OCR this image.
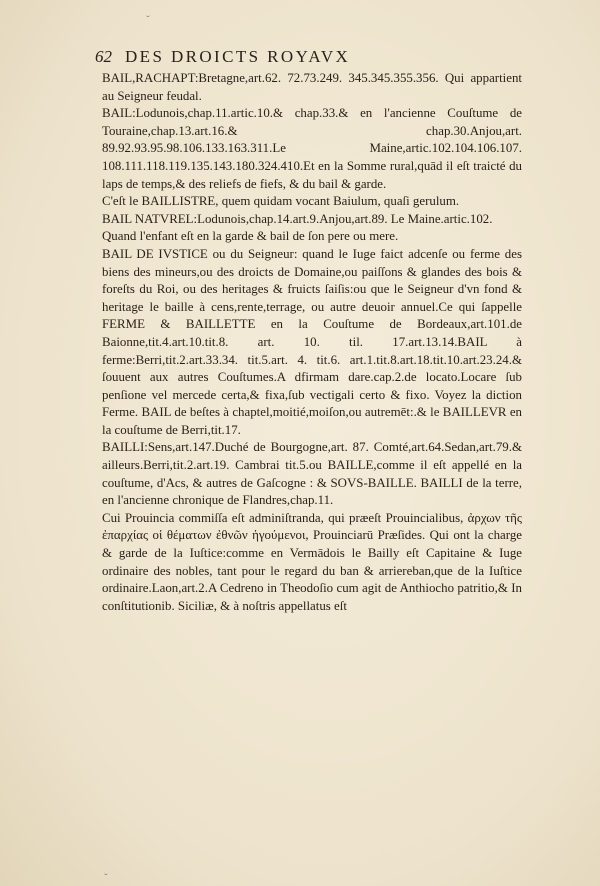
62 DES DROICTS ROYAVX

BAIL,RACHAPT:Bretagne,art.62. 72.73.249. 345.345.355.356. Qui appartient au Seigneur feudal.

BAIL:Lodunois,chap.11.artic.10.& chap.33.& en l'ancienne Couſtume de Touraine,chap.13.art.16.& chap.30.Anjou,art. 89.92.93.95.98.106.133.163.311.Le Maine,artic.102.104.106.107. 108.111.118.119.135.143.180.324.410.Et en la Somme rural,quād il eſt traicté du laps de temps,& des reliefs de fiefs, & du bail & garde.

C'eſt le BAILLISTRE, quem quidam vocant Baiulum, quaſi gerulum.

BAIL NATVREL:Lodunois,chap.14.art.9.Anjou,art.89. Le Maine.artic.102.

Quand l'enfant eſt en la garde & bail de ſon pere ou mere.

BAIL DE IVSTICE ou du Seigneur: quand le Iuge faict adcenſe ou ferme des biens des mineurs,ou des droicts de Domaine,ou paiſſons & glandes des bois & foreſts du Roi, ou des heritages & fruicts ſaiſis:ou que le Seigneur d'vn fond & heritage le baille à cens,rente,terrage, ou autre deuoir annuel.Ce qui ſappelle FERME & BAILLETTE en la Couſtume de Bordeaux,art.101.de Baionne,tit.4.art.10.tit.8. art. 10. til. 17.art.13.14.BAIL à ferme:Berri,tit.2.art.33.34. tit.5.art. 4. tit.6. art.1.tit.8.art.18.tit.10.art.23.24.& ſouuent aux autres Couſtumes.A dfirmam dare.cap.2.de locato.Locare ſub penſione vel mercede certa,& fixa,ſub vectigali certo & fixo. Voyez la diction Ferme. BAIL de beſtes à chaptel,moitié,moiſon,ou autremēt:.& le BAILLEVR en la couſtume de Berri,tit.17.

BAILLI:Sens,art.147.Duché de Bourgogne,art. 87. Comté,art.64.Sedan,art.79.& ailleurs.Berri,tit.2.art.19. Cambrai tit.5.ou BAILLE,comme il eſt appellé en la couſtume, d'Acs, & autres de Gaſcogne : & SOVS-BAILLE. BAILLI de la terre, en l'ancienne chronique de Flandres,chap.11.

Cui Prouincia commiſſa eſt adminiſtranda, qui præeſt Prouincialibus, ἀρχων τῆς ἐπαρχίας οἱ θέματων ἐθνῶν ἡγούμενοι, Prouinciarū Præſides. Qui ont la charge & garde de la Iuſtice:comme en Vermādois le Bailly eſt Capitaine & Iuge ordinaire des nobles, tant pour le regard du ban & arriereban,que de la Iuſtice ordinaire.Laon,art.2.A Cedreno in Theodoſio cum agit de Anthiocho patritio,& In conſtitutionib. Siciliæ, & à noſtris appellatus eſt

ˇ
ˇ
